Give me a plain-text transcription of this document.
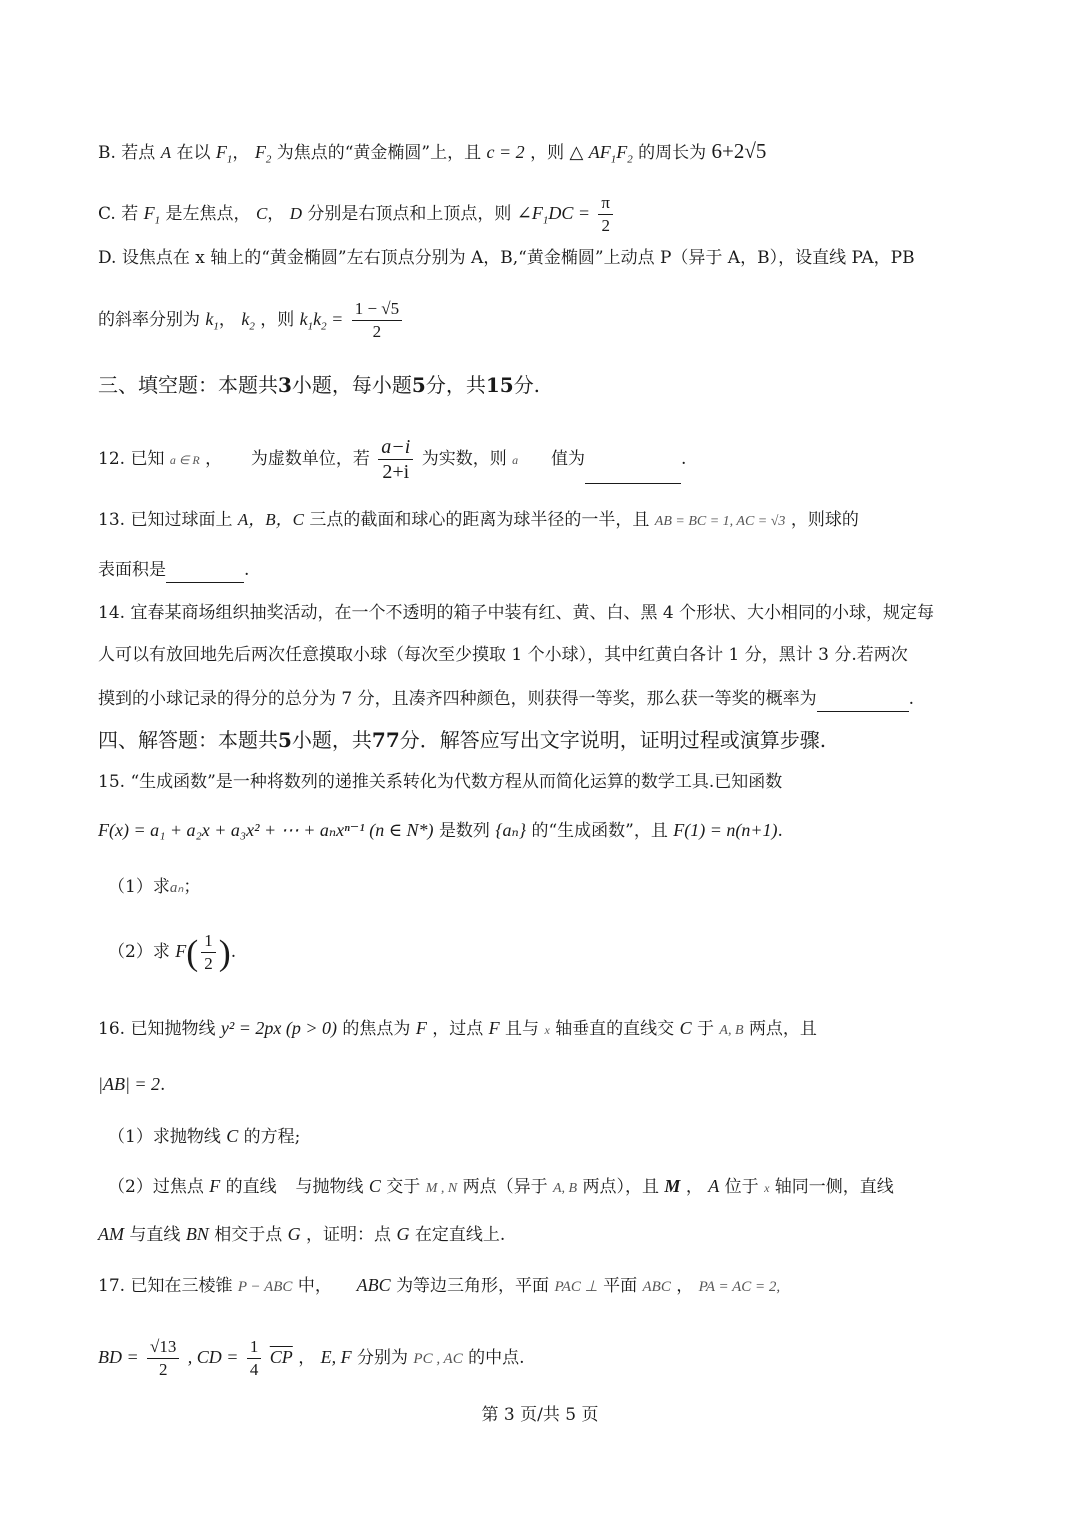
B. 若点 A 在以 $F_1$， $F_2$ 为焦点的“黄金椭圆”上，且 c = 2 ，则 △ $AF_1F_2$ 的周长为 6+2√5
C. 若 $F_1$ 是左焦点， C， D 分别是右顶点和上顶点，则 $\angle F_1DC = \frac{\pi}{2}$
D. 设焦点在 x 轴上的“黄金椭圆”左右顶点分别为 A，B,“黄金椭圆”上动点 P（异于 A，B），设直线 PA，PB
的斜率分别为 $k_1$， $k_2$ ，则 $k_1k_2 = \frac{1 - √5}{2}$
三、填空题：本题共3小题，每小题5分，共15分.
12. 已知 a ∈ R ， 为虚数单位，若 $\frac{a-i}{2+i}$ 为实数，则 a 值为	.
13. 已知过球面上 A，B，C 三点的截面和球心的距离为球半径的一半，且 AB = BC = 1, AC = √3 ，则球的
表面积是	.
14. 宜春某商场组织抽奖活动，在一个不透明的箱子中装有红、黄、白、黑 4 个形状、大小相同的小球，规定每
人可以有放回地先后两次任意摸取小球（每次至少摸取 1 个小球），其中红黄白各计 1 分，黑计 3 分.若两次
摸到的小球记录的得分的总分为 7 分，且凑齐四种颜色，则获得一等奖，那么获一等奖的概率为	.
四、解答题：本题共5小题，共77分．解答应写出文字说明，证明过程或演算步骤.
15. “生成函数”是一种将数列的递推关系转化为代数方程从而简化运算的数学工具.已知函数
F(x) = a₁ + a₂x + a₃x² + ⋯ + aₙxⁿ⁻¹ (n ∈ N*) 是数列 {aₙ} 的“生成函数”，且 F(1) = n(n+1).
（1）求aₙ；
（2）求 $F( \frac{1}{2}$ ).
16. 已知抛物线 y² = 2px (p > 0) 的焦点为 F ，过点 F 且与 x 轴垂直的直线交 C 于 A, B 两点，且
|AB| = 2.
（1）求抛物线 C 的方程;
（2）过焦点 F 的直线 与抛物线 C 交于 M , N 两点（异于 A, B 两点），且 M ， A 位于 x 轴同一侧，直线
AM 与直线 BN 相交于点 G ，证明：点 G 在定直线上.
17. 已知在三棱锥 P − ABC 中， ABC 为等边三角形，平面 PAC ⊥ 平面 ABC ， PA = AC = 2,
BD = $\frac{√13}{2}$ , CD = $\frac{1}{4} \overline{CP}$ ， E, F 分别为 PC , AC 的中点.
第 3 页/共 5 页
